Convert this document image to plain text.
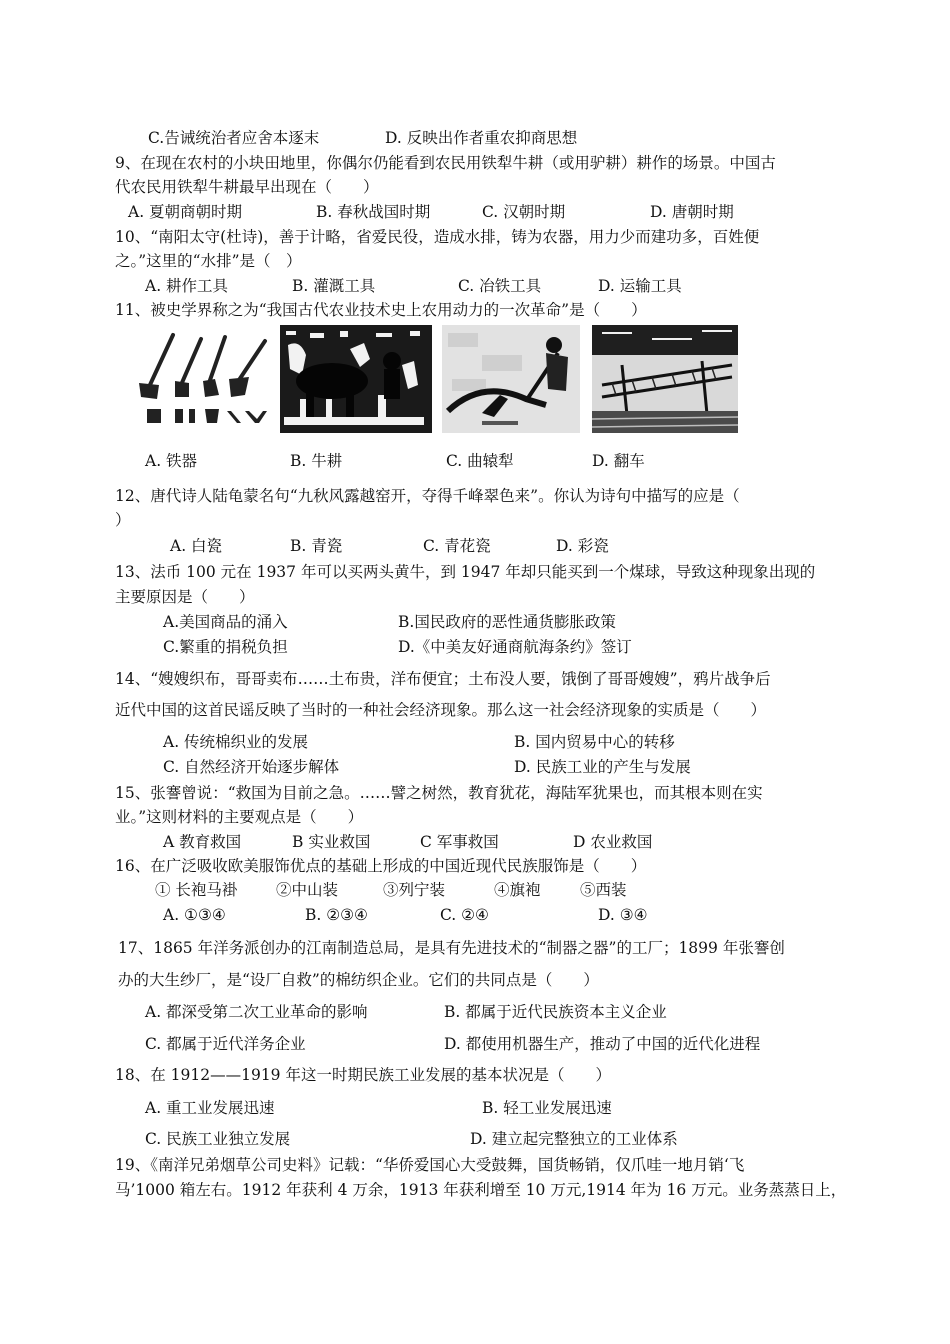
C.告诫统治者应舍本逐末	D. 反映出作者重农抑商思想
9、在现在农村的小块田地里，你偶尔仍能看到农民用铁犁牛耕（或用驴耕）耕作的场景。中国古
代农民用铁犁牛耕最早出现在（　　）
A. 夏朝商朝时期	B. 春秋战国时期	C. 汉朝时期	D. 唐朝时期
10、“南阳太守(杜诗)，善于计略，省爱民役，造成水排，铸为农器，用力少而建功多，百姓便
之。”这里的“水排”是（　）
A. 耕作工具	B. 灌溉工具	C. 冶铁工具	D. 运输工具
11、被史学界称之为“我国古代农业技术史上农用动力的一次革命”是（　　）
A. 铁器	B. 牛耕	C. 曲辕犁	D. 翻车
12、唐代诗人陆龟蒙名句“九秋风露越窑开，夺得千峰翠色来”。你认为诗句中描写的应是（
）
A. 白瓷	B. 青瓷	C. 青花瓷	D. 彩瓷
13、法币 100 元在 1937 年可以买两头黄牛，到 1947 年却只能买到一个煤球，导致这种现象出现的
主要原因是（　　）
A.美国商品的涌入	B.国民政府的恶性通货膨胀政策
C.繁重的捐税负担	D.《中美友好通商航海条约》签订
14、“嫂嫂织布，哥哥卖布……土布贵，洋布便宜；土布没人要，饿倒了哥哥嫂嫂”，鸦片战争后
近代中国的这首民谣反映了当时的一种社会经济现象。那么这一社会经济现象的实质是（　　）
A. 传统棉织业的发展	B. 国内贸易中心的转移
C. 自然经济开始逐步解体	D. 民族工业的产生与发展
15、张謇曾说：“救国为目前之急。……譬之树然，教育犹花，海陆军犹果也，而其根本则在实
业。”这则材料的主要观点是（　　）
A 教育救国	B 实业救国	C 军事救国	D 农业救国
16、在广泛吸收欧美服饰优点的基础上形成的中国近现代民族服饰是（　　）
① 长袍马褂 ②中山装	③列宁装	④旗袍	⑤西装
A. ①③④	B. ②③④	C. ②④	D. ③④
17、1865 年洋务派创办的江南制造总局，是具有先进技术的“制器之器”的工厂；1899 年张謇创
办的大生纱厂，是“设厂自救”的棉纺织企业。它们的共同点是（　　）
A. 都深受第二次工业革命的影响	B. 都属于近代民族资本主义企业
C. 都属于近代洋务企业	D. 都使用机器生产，推动了中国的近代化进程
18、在 1912——1919 年这一时期民族工业发展的基本状况是（　　）
A. 重工业发展迅速	B. 轻工业发展迅速
C. 民族工业独立发展	D. 建立起完整独立的工业体系
19、《南洋兄弟烟草公司史料》记载：“华侨爱国心大受鼓舞，国货畅销，仅爪哇一地月销‘飞
马’1000 箱左右。1912 年获利 4 万余，1913 年获利增至 10 万元,1914 年为 16 万元。业务蒸蒸日上，
